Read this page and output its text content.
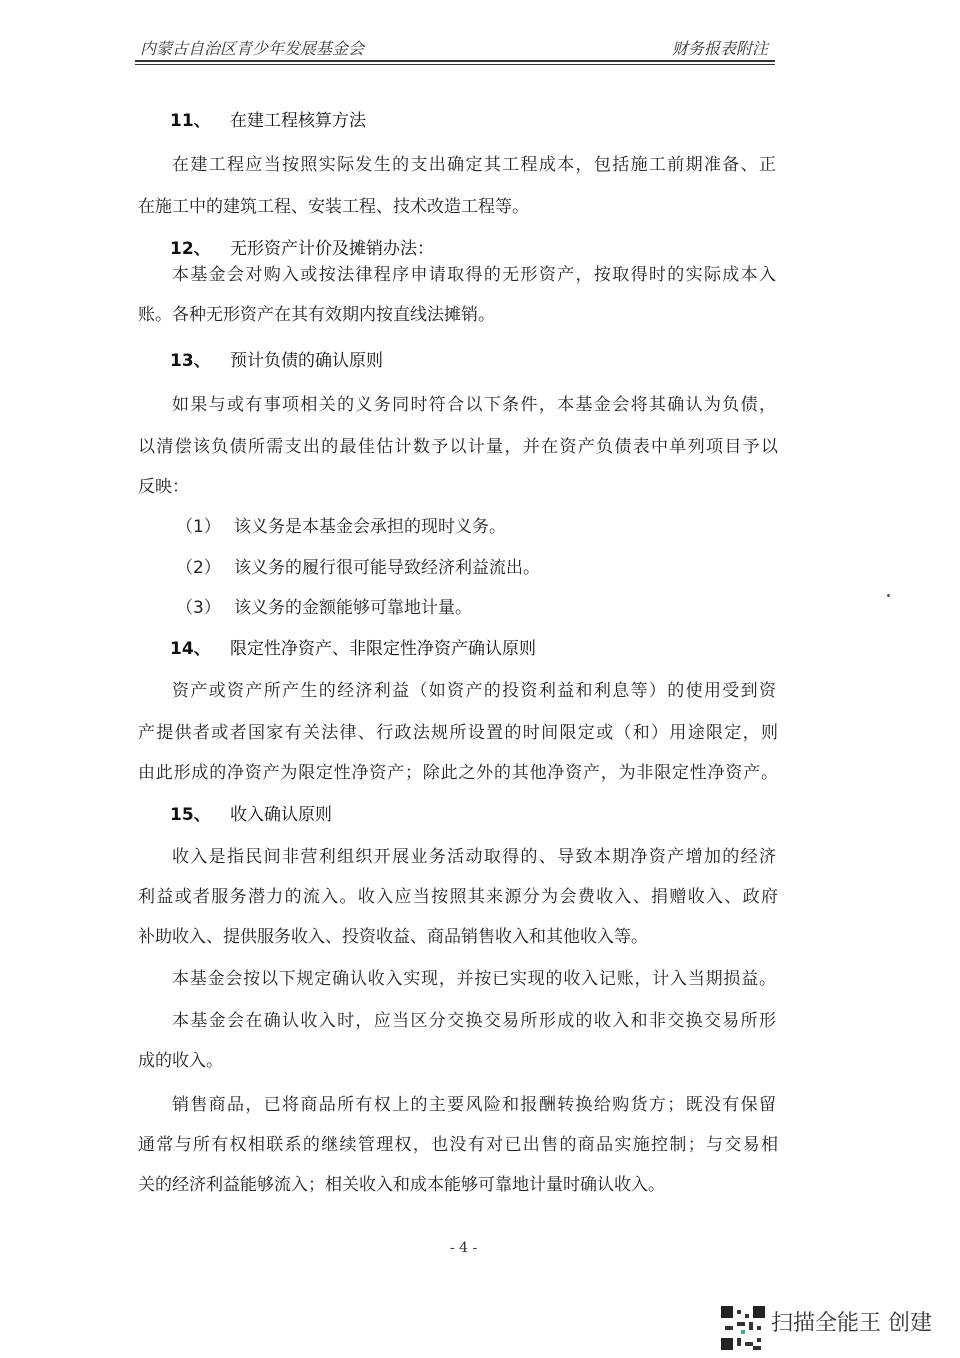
内蒙古自治区青少年发展基金会	财务报表附注
11、 在建工程核算方法
在建工程应当按照实际发生的支出确定其工程成本，包括施工前期准备、正
在施工中的建筑工程、安装工程、技术改造工程等。
12、 无形资产计价及摊销办法：
本基金会对购入或按法律程序申请取得的无形资产，按取得时的实际成本入
账。各种无形资产在其有效期内按直线法摊销。
13、 预计负债的确认原则
如果与或有事项相关的义务同时符合以下条件，本基金会将其确认为负债，
以清偿该负债所需支出的最佳估计数予以计量，并在资产负债表中单列项目予以
反映：
（1） 该义务是本基金会承担的现时义务。
（2） 该义务的履行很可能导致经济利益流出。
（3） 该义务的金额能够可靠地计量。
14、 限定性净资产、非限定性净资产确认原则
资产或资产所产生的经济利益（如资产的投资利益和利息等）的使用受到资
产提供者或者国家有关法律、行政法规所设置的时间限定或（和）用途限定，则
由此形成的净资产为限定性净资产；除此之外的其他净资产，为非限定性净资产。
15、 收入确认原则
收入是指民间非营利组织开展业务活动取得的、导致本期净资产增加的经济
利益或者服务潜力的流入。收入应当按照其来源分为会费收入、捐赠收入、政府
补助收入、提供服务收入、投资收益、商品销售收入和其他收入等。
本基金会按以下规定确认收入实现，并按已实现的收入记账，计入当期损益。
本基金会在确认收入时，应当区分交换交易所形成的收入和非交换交易所形
成的收入。
销售商品，已将商品所有权上的主要风险和报酬转换给购货方；既没有保留
通常与所有权相联系的继续管理权，也没有对已出售的商品实施控制；与交易相
关的经济利益能够流入；相关收入和成本能够可靠地计量时确认收入。
- 4 -
扫描全能王 创建
